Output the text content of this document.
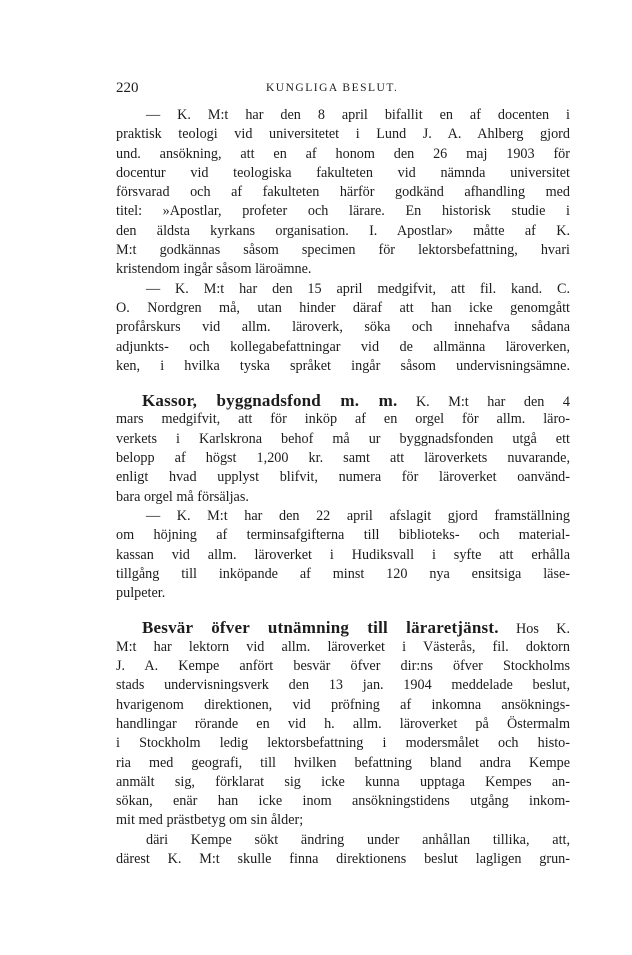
220	KUNGLIGA BESLUT.
— K. M:t har den 8 april bifallit en af docenten i
praktisk teologi vid universitetet i Lund J. A. Ahlberg gjord
und. ansökning, att en af honom den 26 maj 1903 för
docentur vid teologiska fakulteten vid nämnda universitet
försvarad och af fakulteten härför godkänd afhandling med
titel: »Apostlar, profeter och lärare. En historisk studie i
den äldsta kyrkans organisation. I. Apostlar» måtte af K.
M:t godkännas såsom specimen för lektorsbefattning, hvari
kristendom ingår såsom läroämne.
— K. M:t har den 15 april medgifvit, att fil. kand. C.
O. Nordgren må, utan hinder däraf att han icke genomgått
profårskurs vid allm. läroverk, söka och innehafva sådana
adjunkts- och kollegabefattningar vid de allmänna läroverken,
ken, i hvilka tyska språket ingår såsom undervisningsämne.
Kassor, byggnadsfond m. m. K. M:t har den 4
mars medgifvit, att för inköp af en orgel för allm. läro-
verkets i Karlskrona behof må ur byggnadsfonden utgå ett
belopp af högst 1,200 kr. samt att läroverkets nuvarande,
enligt hvad upplyst blifvit, numera för läroverket oanvänd-
bara orgel må försäljas.
— K. M:t har den 22 april afslagit gjord framställning
om höjning af terminsafgifterna till biblioteks- och material-
kassan vid allm. läroverket i Hudiksvall i syfte att erhålla
tillgång till inköpande af minst 120 nya ensitsiga läse-
pulpeter.
Besvär öfver utnämning till läraretjänst. Hos K.
M:t har lektorn vid allm. läroverket i Västerås, fil. doktorn
J. A. Kempe anfört besvär öfver dir:ns öfver Stockholms
stads undervisningsverk den 13 jan. 1904 meddelade beslut,
hvarigenom direktionen, vid pröfning af inkomna ansöknings-
handlingar rörande en vid h. allm. läroverket på Östermalm
i Stockholm ledig lektorsbefattning i modersmålet och histo-
ria med geografi, till hvilken befattning bland andra Kempe
anmält sig, förklarat sig icke kunna upptaga Kempes an-
sökan, enär han icke inom ansökningstidens utgång inkom-
mit med prästbetyg om sin ålder;
däri Kempe sökt ändring under anhållan tillika, att,
därest K. M:t skulle finna direktionens beslut lagligen grun-
